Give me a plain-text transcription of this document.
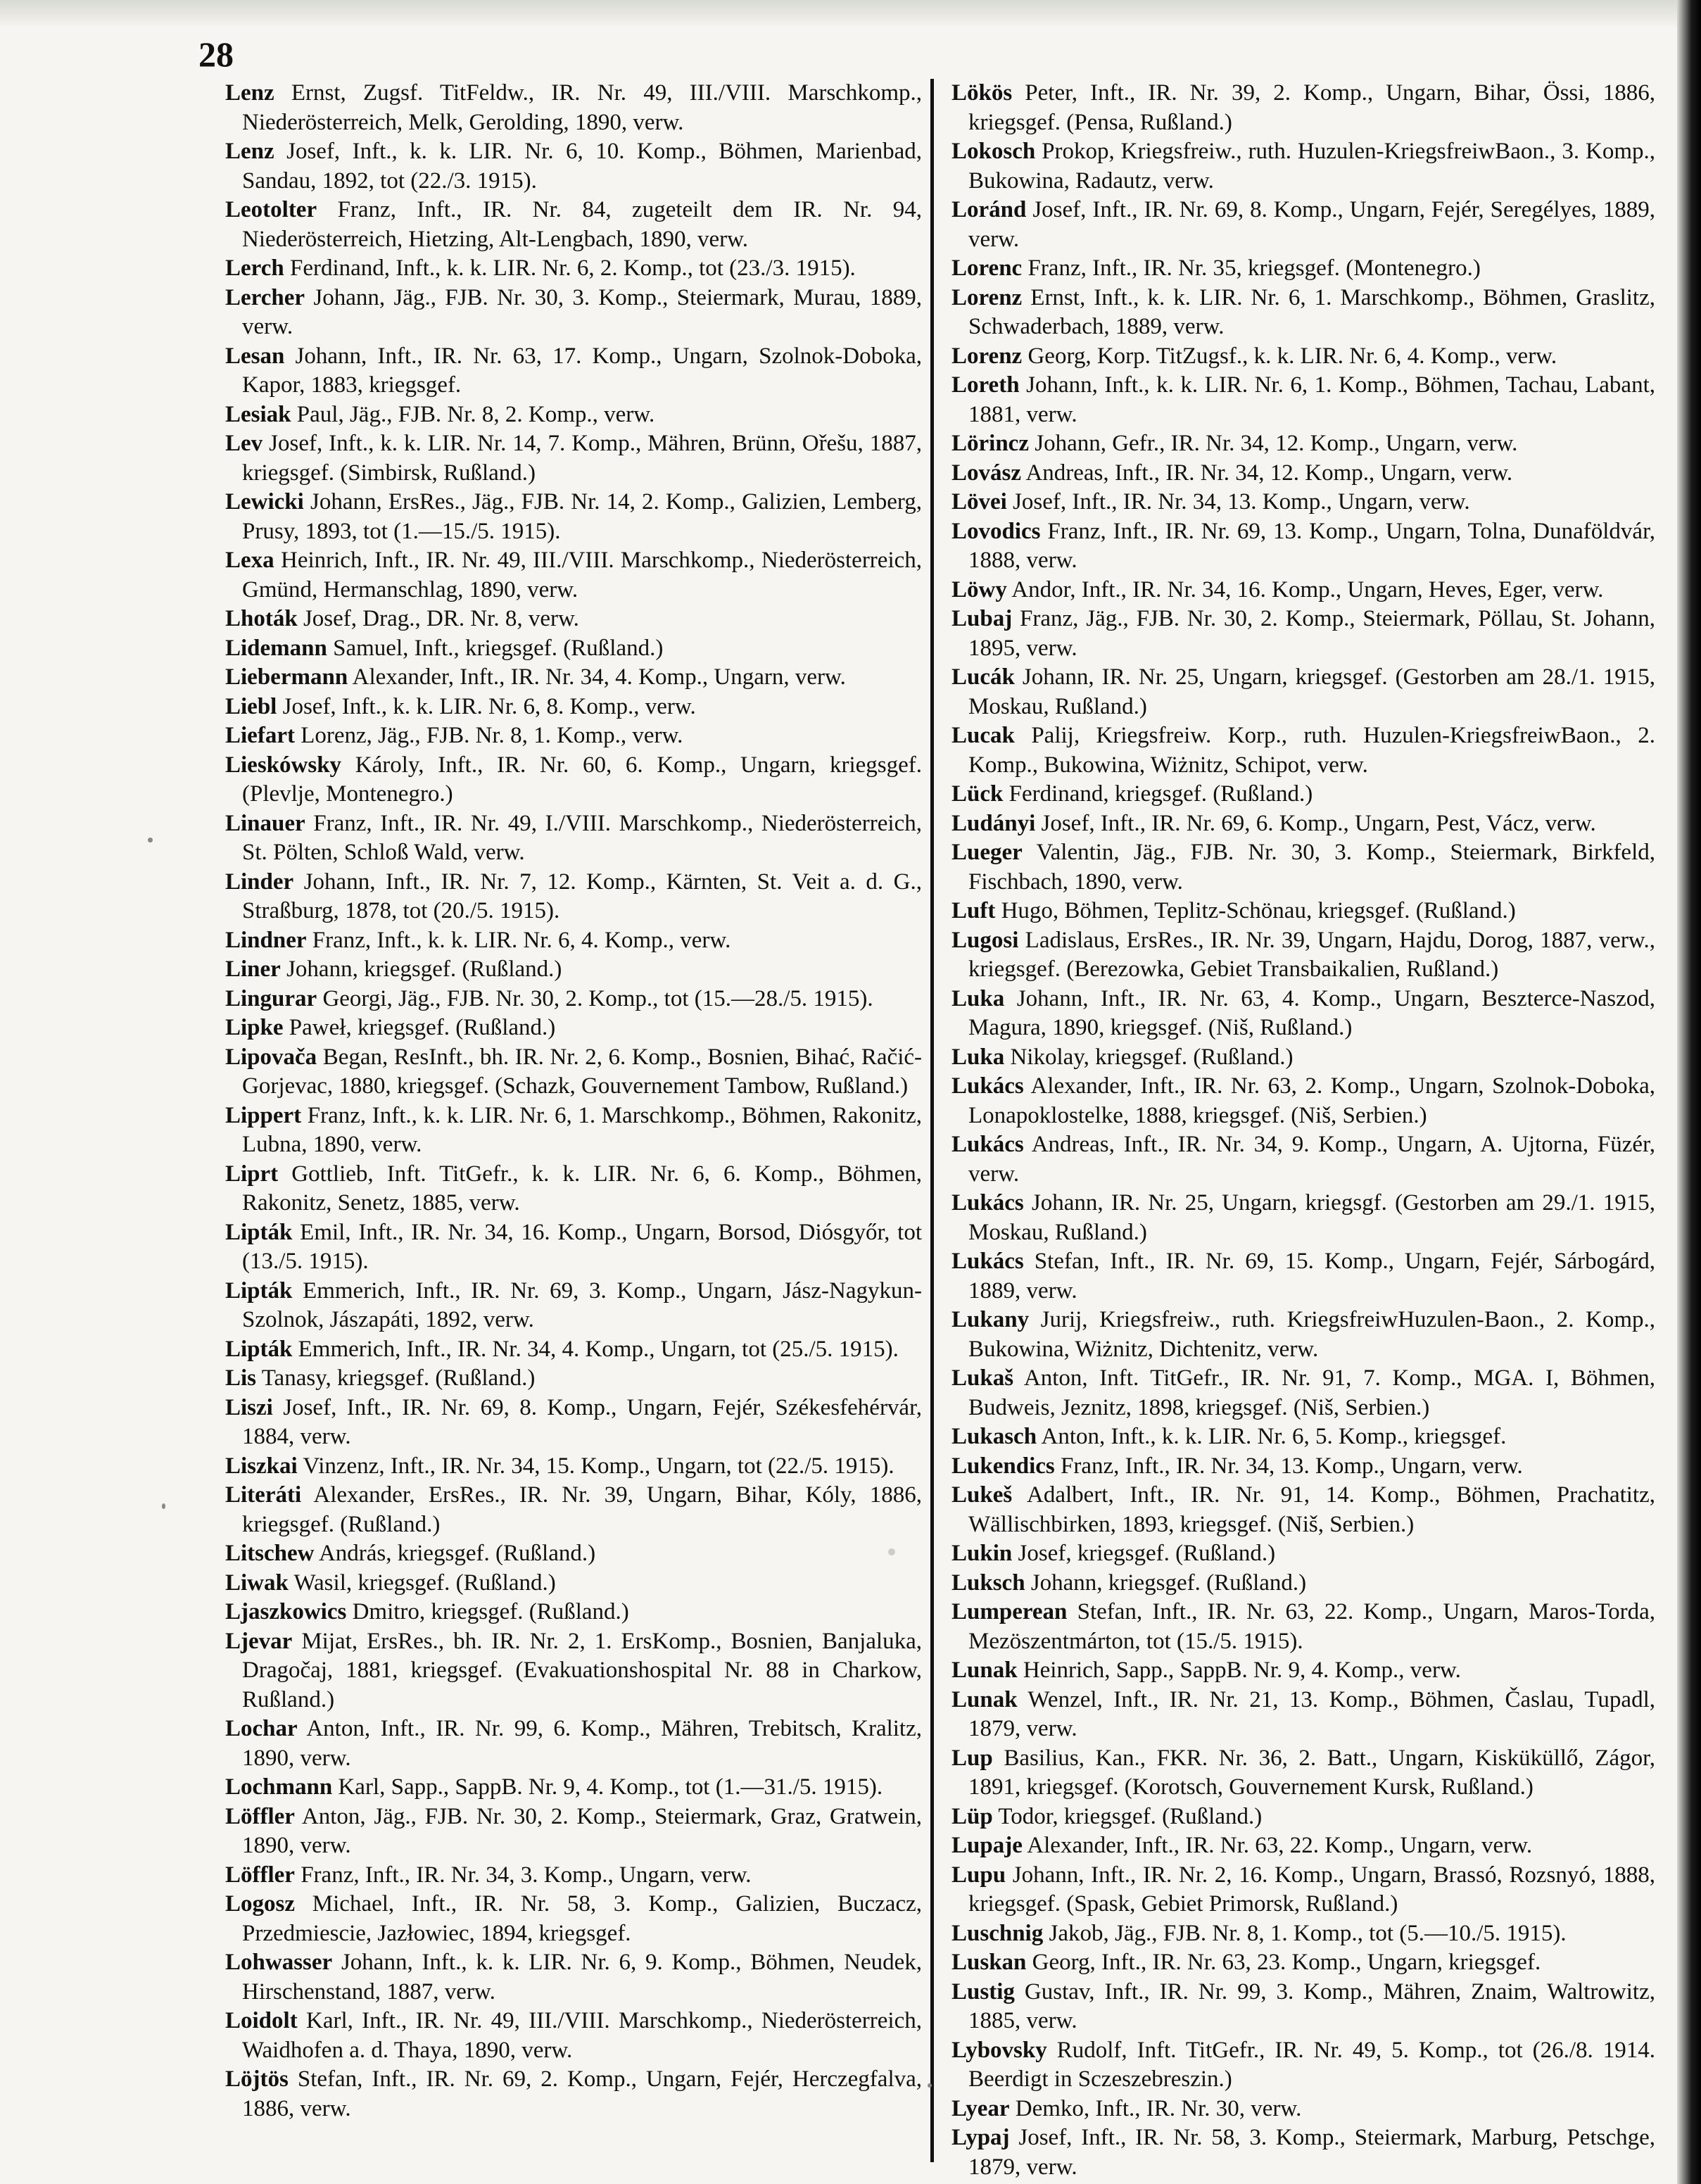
28

Lenz Ernst, Zugsf. TitFeldw., IR. Nr. 49, III./VIII. Marschkomp., Niederösterreich, Melk, Gerolding, 1890, verw.

Lenz Josef, Inft., k. k. LIR. Nr. 6, 10. Komp., Böhmen, Marienbad, Sandau, 1892, tot (22./3. 1915).

Leotolter Franz, Inft., IR. Nr. 84, zugeteilt dem IR. Nr. 94, Niederösterreich, Hietzing, Alt-Lengbach, 1890, verw.

Lerch Ferdinand, Inft., k. k. LIR. Nr. 6, 2. Komp., tot (23./3. 1915).

Lercher Johann, Jäg., FJB. Nr. 30, 3. Komp., Steiermark, Murau, 1889, verw.

Lesan Johann, Inft., IR. Nr. 63, 17. Komp., Ungarn, Szolnok-Doboka, Kapor, 1883, kriegsgef.

Lesiak Paul, Jäg., FJB. Nr. 8, 2. Komp., verw.

Lev Josef, Inft., k. k. LIR. Nr. 14, 7. Komp., Mähren, Brünn, Ořešu, 1887, kriegsgef. (Simbirsk, Rußland.)

Lewicki Johann, ErsRes., Jäg., FJB. Nr. 14, 2. Komp., Galizien, Lemberg, Prusy, 1893, tot (1.—15./5. 1915).

Lexa Heinrich, Inft., IR. Nr. 49, III./VIII. Marschkomp., Niederösterreich, Gmünd, Hermanschlag, 1890, verw.

Lhoták Josef, Drag., DR. Nr. 8, verw.

Lidemann Samuel, Inft., kriegsgef. (Rußland.)

Liebermann Alexander, Inft., IR. Nr. 34, 4. Komp., Ungarn, verw.

Liebl Josef, Inft., k. k. LIR. Nr. 6, 8. Komp., verw.

Liefart Lorenz, Jäg., FJB. Nr. 8, 1. Komp., verw.

Lieskówsky Károly, Inft., IR. Nr. 60, 6. Komp., Ungarn, kriegsgef. (Plevlje, Montenegro.)

Linauer Franz, Inft., IR. Nr. 49, I./VIII. Marschkomp., Niederösterreich, St. Pölten, Schloß Wald, verw.

Linder Johann, Inft., IR. Nr. 7, 12. Komp., Kärnten, St. Veit a. d. G., Straßburg, 1878, tot (20./5. 1915).

Lindner Franz, Inft., k. k. LIR. Nr. 6, 4. Komp., verw.

Liner Johann, kriegsgef. (Rußland.)

Lingurar Georgi, Jäg., FJB. Nr. 30, 2. Komp., tot (15.—28./5. 1915).

Lipke Paweł, kriegsgef. (Rußland.)

Lipovača Began, ResInft., bh. IR. Nr. 2, 6. Komp., Bosnien, Bihać, Račić-Gorjevac, 1880, kriegsgef. (Schazk, Gouvernement Tambow, Rußland.)

Lippert Franz, Inft., k. k. LIR. Nr. 6, 1. Marschkomp., Böhmen, Rakonitz, Lubna, 1890, verw.

Liprt Gottlieb, Inft. TitGefr., k. k. LIR. Nr. 6, 6. Komp., Böhmen, Rakonitz, Senetz, 1885, verw.

Lipták Emil, Inft., IR. Nr. 34, 16. Komp., Ungarn, Borsod, Diósgyőr, tot (13./5. 1915).

Lipták Emmerich, Inft., IR. Nr. 69, 3. Komp., Ungarn, Jász-Nagykun-Szolnok, Jászapáti, 1892, verw.

Lipták Emmerich, Inft., IR. Nr. 34, 4. Komp., Ungarn, tot (25./5. 1915).

Lis Tanasy, kriegsgef. (Rußland.)

Liszi Josef, Inft., IR. Nr. 69, 8. Komp., Ungarn, Fejér, Székesfehérvár, 1884, verw.

Liszkai Vinzenz, Inft., IR. Nr. 34, 15. Komp., Ungarn, tot (22./5. 1915).

Literáti Alexander, ErsRes., IR. Nr. 39, Ungarn, Bihar, Kóly, 1886, kriegsgef. (Rußland.)

Litschew András, kriegsgef. (Rußland.)

Liwak Wasil, kriegsgef. (Rußland.)

Ljaszkowics Dmitro, kriegsgef. (Rußland.)

Ljevar Mijat, ErsRes., bh. IR. Nr. 2, 1. ErsKomp., Bosnien, Banjaluka, Dragočaj, 1881, kriegsgef. (Evakuationshospital Nr. 88 in Charkow, Rußland.)

Lochar Anton, Inft., IR. Nr. 99, 6. Komp., Mähren, Trebitsch, Kralitz, 1890, verw.

Lochmann Karl, Sapp., SappB. Nr. 9, 4. Komp., tot (1.—31./5. 1915).

Löffler Anton, Jäg., FJB. Nr. 30, 2. Komp., Steiermark, Graz, Gratwein, 1890, verw.

Löffler Franz, Inft., IR. Nr. 34, 3. Komp., Ungarn, verw.

Logosz Michael, Inft., IR. Nr. 58, 3. Komp., Galizien, Buczacz, Przedmiescie, Jazłowiec, 1894, kriegsgef.

Lohwasser Johann, Inft., k. k. LIR. Nr. 6, 9. Komp., Böhmen, Neudek, Hirschenstand, 1887, verw.

Loidolt Karl, Inft., IR. Nr. 49, III./VIII. Marschkomp., Niederösterreich, Waidhofen a. d. Thaya, 1890, verw.

Löjtös Stefan, Inft., IR. Nr. 69, 2. Komp., Ungarn, Fejér, Herczegfalva, 1886, verw.

Lökös Peter, Inft., IR. Nr. 39, 2. Komp., Ungarn, Bihar, Össi, 1886, kriegsgef. (Pensa, Rußland.)

Lokosch Prokop, Kriegsfreiw., ruth. Huzulen-KriegsfreiwBaon., 3. Komp., Bukowina, Radautz, verw.

Loránd Josef, Inft., IR. Nr. 69, 8. Komp., Ungarn, Fejér, Seregélyes, 1889, verw.

Lorenc Franz, Inft., IR. Nr. 35, kriegsgef. (Montenegro.)

Lorenz Ernst, Inft., k. k. LIR. Nr. 6, 1. Marschkomp., Böhmen, Graslitz, Schwaderbach, 1889, verw.

Lorenz Georg, Korp. TitZugsf., k. k. LIR. Nr. 6, 4. Komp., verw.

Loreth Johann, Inft., k. k. LIR. Nr. 6, 1. Komp., Böhmen, Tachau, Labant, 1881, verw.

Lörincz Johann, Gefr., IR. Nr. 34, 12. Komp., Ungarn, verw.

Lovász Andreas, Inft., IR. Nr. 34, 12. Komp., Ungarn, verw.

Lövei Josef, Inft., IR. Nr. 34, 13. Komp., Ungarn, verw.

Lovodics Franz, Inft., IR. Nr. 69, 13. Komp., Ungarn, Tolna, Dunaföldvár, 1888, verw.

Löwy Andor, Inft., IR. Nr. 34, 16. Komp., Ungarn, Heves, Eger, verw.

Lubaj Franz, Jäg., FJB. Nr. 30, 2. Komp., Steiermark, Pöllau, St. Johann, 1895, verw.

Lucák Johann, IR. Nr. 25, Ungarn, kriegsgef. (Gestorben am 28./1. 1915, Moskau, Rußland.)

Lucak Palij, Kriegsfreiw. Korp., ruth. Huzulen-KriegsfreiwBaon., 2. Komp., Bukowina, Wiżnitz, Schipot, verw.

Lück Ferdinand, kriegsgef. (Rußland.)

Ludányi Josef, Inft., IR. Nr. 69, 6. Komp., Ungarn, Pest, Vácz, verw.

Lueger Valentin, Jäg., FJB. Nr. 30, 3. Komp., Steiermark, Birkfeld, Fischbach, 1890, verw.

Luft Hugo, Böhmen, Teplitz-Schönau, kriegsgef. (Rußland.)

Lugosi Ladislaus, ErsRes., IR. Nr. 39, Ungarn, Hajdu, Dorog, 1887, verw., kriegsgef. (Berezowka, Gebiet Transbaikalien, Rußland.)

Luka Johann, Inft., IR. Nr. 63, 4. Komp., Ungarn, Beszterce-Naszod, Magura, 1890, kriegsgef. (Niš, Rußland.)

Luka Nikolay, kriegsgef. (Rußland.)

Lukács Alexander, Inft., IR. Nr. 63, 2. Komp., Ungarn, Szolnok-Doboka, Lonapoklostelke, 1888, kriegsgef. (Niš, Serbien.)

Lukács Andreas, Inft., IR. Nr. 34, 9. Komp., Ungarn, A. Ujtorna, Füzér, verw.

Lukács Johann, IR. Nr. 25, Ungarn, kriegsgf. (Gestorben am 29./1. 1915, Moskau, Rußland.)

Lukács Stefan, Inft., IR. Nr. 69, 15. Komp., Ungarn, Fejér, Sárbogárd, 1889, verw.

Lukany Jurij, Kriegsfreiw., ruth. KriegsfreiwHuzulen-Baon., 2. Komp., Bukowina, Wiżnitz, Dichtenitz, verw.

Lukaš Anton, Inft. TitGefr., IR. Nr. 91, 7. Komp., MGA. I, Böhmen, Budweis, Jeznitz, 1898, kriegsgef. (Niš, Serbien.)

Lukasch Anton, Inft., k. k. LIR. Nr. 6, 5. Komp., kriegsgef.

Lukendics Franz, Inft., IR. Nr. 34, 13. Komp., Ungarn, verw.

Lukeš Adalbert, Inft., IR. Nr. 91, 14. Komp., Böhmen, Prachatitz, Wällischbirken, 1893, kriegsgef. (Niš, Serbien.)

Lukin Josef, kriegsgef. (Rußland.)

Luksch Johann, kriegsgef. (Rußland.)

Lumperean Stefan, Inft., IR. Nr. 63, 22. Komp., Ungarn, Maros-Torda, Mezöszentmárton, tot (15./5. 1915).

Lunak Heinrich, Sapp., SappB. Nr. 9, 4. Komp., verw.

Lunak Wenzel, Inft., IR. Nr. 21, 13. Komp., Böhmen, Časlau, Tupadl, 1879, verw.

Lup Basilius, Kan., FKR. Nr. 36, 2. Batt., Ungarn, Kisküküllő, Zágor, 1891, kriegsgef. (Korotsch, Gouvernement Kursk, Rußland.)

Lüp Todor, kriegsgef. (Rußland.)

Lupaje Alexander, Inft., IR. Nr. 63, 22. Komp., Ungarn, verw.

Lupu Johann, Inft., IR. Nr. 2, 16. Komp., Ungarn, Brassó, Rozsnyó, 1888, kriegsgef. (Spask, Gebiet Primorsk, Rußland.)

Luschnig Jakob, Jäg., FJB. Nr. 8, 1. Komp., tot (5.—10./5. 1915).

Luskan Georg, Inft., IR. Nr. 63, 23. Komp., Ungarn, kriegsgef.

Lustig Gustav, Inft., IR. Nr. 99, 3. Komp., Mähren, Znaim, Waltrowitz, 1885, verw.

Lybovsky Rudolf, Inft. TitGefr., IR. Nr. 49, 5. Komp., tot (26./8. 1914. Beerdigt in Sczeszebreszin.)

Lyear Demko, Inft., IR. Nr. 30, verw.

Lypaj Josef, Inft., IR. Nr. 58, 3. Komp., Steiermark, Marburg, Petschge, 1879, verw.
